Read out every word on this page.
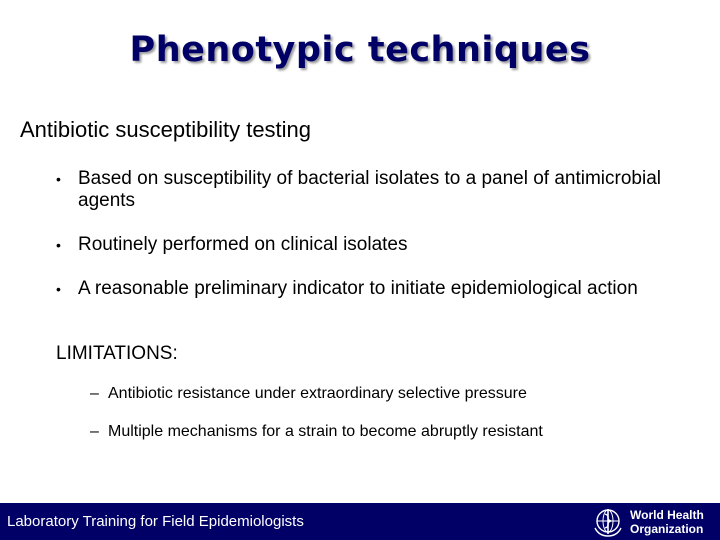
Phenotypic techniques
Antibiotic susceptibility testing
• Based on susceptibility of bacterial isolates to a panel of antimicrobial agents
• Routinely performed on clinical isolates
• A reasonable preliminary indicator to initiate epidemiological action
LIMITATIONS:
– Antibiotic resistance under extraordinary selective pressure
– Multiple mechanisms for a strain to become abruptly resistant
Laboratory Training for Field Epidemiologists	World Health
Organization
